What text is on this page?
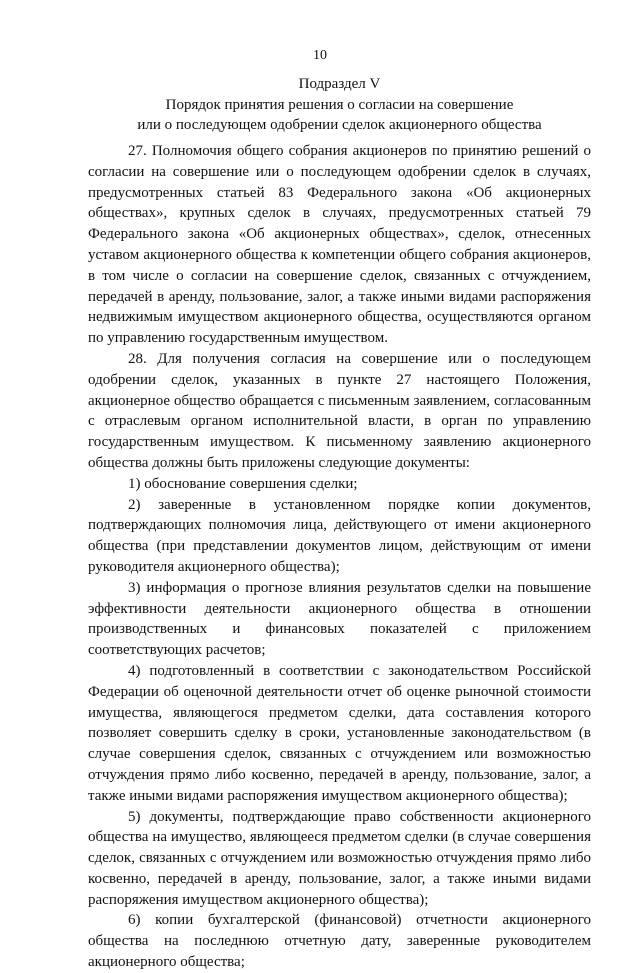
10
Подраздел V
Порядок принятия решения о согласии на совершение
или о последующем одобрении сделок акционерного общества

27. Полномочия общего собрания акционеров по принятию решений о согласии на совершение или о последующем одобрении сделок в случаях, предусмотренных статьей 83 Федерального закона «Об акционерных обществах», крупных сделок в случаях, предусмотренных статьей 79 Федерального закона «Об акционерных обществах», сделок, отнесенных уставом акционерного общества к компетенции общего собрания акционеров, в том числе о согласии на совершение сделок, связанных с отчуждением, передачей в аренду, пользование, залог, а также иными видами распоряжения недвижимым имуществом акционерного общества, осуществляются органом по управлению государственным имуществом.

28. Для получения согласия на совершение или о последующем одобрении сделок, указанных в пункте 27 настоящего Положения, акционерное общество обращается с письменным заявлением, согласованным с отраслевым органом исполнительной власти, в орган по управлению государственным имуществом. К письменному заявлению акционерного общества должны быть приложены следующие документы:

1) обоснование совершения сделки;

2) заверенные в установленном порядке копии документов, подтверждающих полномочия лица, действующего от имени акционерного общества (при представлении документов лицом, действующим от имени руководителя акционерного общества);

3) информация о прогнозе влияния результатов сделки на повышение эффективности деятельности акционерного общества в отношении производственных и финансовых показателей с приложением соответствующих расчетов;

4) подготовленный в соответствии с законодательством Российской Федерации об оценочной деятельности отчет об оценке рыночной стоимости имущества, являющегося предметом сделки, дата составления которого позволяет совершить сделку в сроки, установленные законодательством (в случае совершения сделок, связанных с отчуждением или возможностью отчуждения прямо либо косвенно, передачей в аренду, пользование, залог, а также иными видами распоряжения имуществом акционерного общества);

5) документы, подтверждающие право собственности акционерного общества на имущество, являющееся предметом сделки (в случае совершения сделок, связанных с отчуждением или возможностью отчуждения прямо либо косвенно, передачей в аренду, пользование, залог, а также иными видами распоряжения имуществом акционерного общества);

6) копии бухгалтерской (финансовой) отчетности акционерного общества на последнюю отчетную дату, заверенные руководителем акционерного общества;
